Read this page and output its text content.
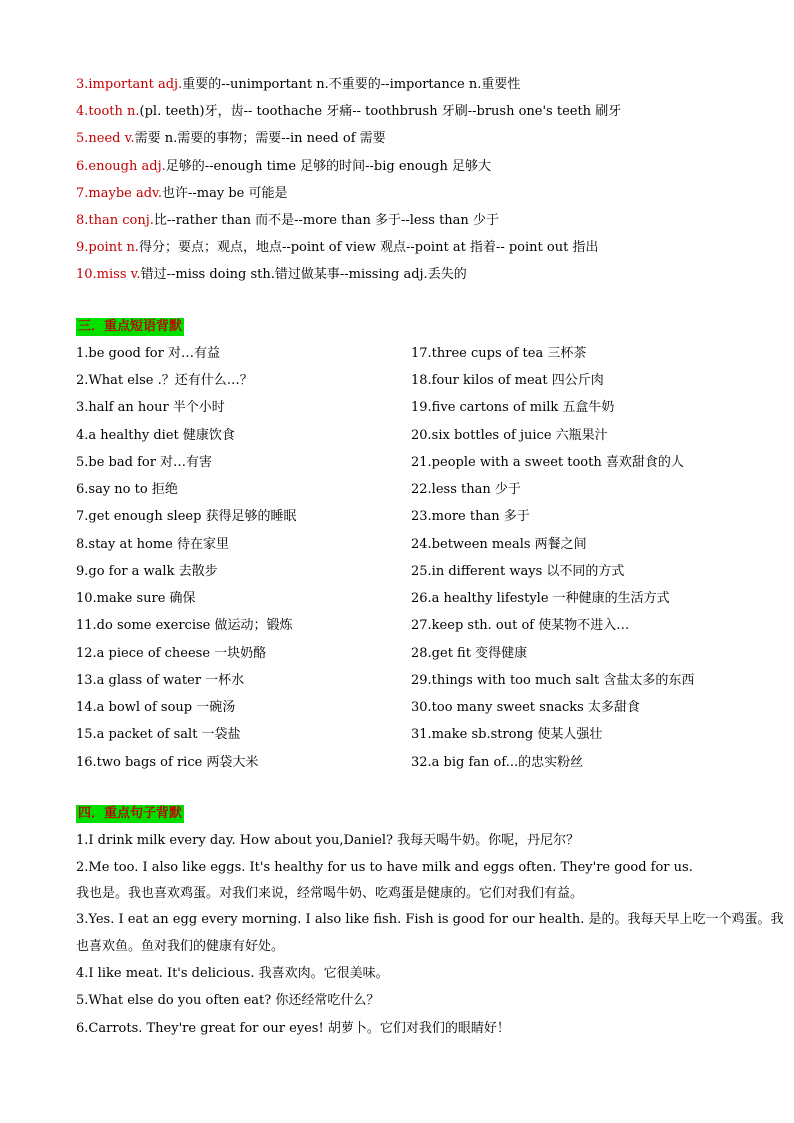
3.important adj.重要的--unimportant n.不重要的--importance n.重要性
4.tooth n.(pl. teeth)牙，齿-- toothache 牙痛-- toothbrush 牙刷--brush one's teeth 刷牙
5.need v.需要 n.需要的事物；需要--in need of 需要
6.enough adj.足够的--enough time 足够的时间--big enough 足够大
7.maybe adv.也许--may be 可能是
8.than conj.比--rather than 而不是--more than 多于--less than 少于
9.point n.得分；要点；观点，地点--point of view 观点--point at 指着-- point out 指出
10.miss v.错过--miss doing sth.错过做某事--missing adj.丢失的
三．重点短语背默
1.be good for 对…有益
2.What else .？还有什么…？
3.half an hour 半个小时
4.a healthy diet 健康饮食
5.be bad for 对…有害
6.say no to 拒绝
7.get enough sleep 获得足够的睡眠
8.stay at home 待在家里
9.go for a walk 去散步
10.make sure 确保
11.do some exercise 做运动；锻炼
12.a piece of cheese 一块奶酪
13.a glass of water 一杯水
14.a bowl of soup 一碗汤
15.a packet of salt 一袋盐
16.two bags of rice 两袋大米
17.three cups of tea 三杯茶
18.four kilos of meat 四公斤肉
19.five cartons of milk 五盒牛奶
20.six bottles of juice 六瓶果汁
21.people with a sweet tooth 喜欢甜食的人
22.less than 少于
23.more than 多于
24.between meals 两餐之间
25.in different ways 以不同的方式
26.a healthy lifestyle 一种健康的生活方式
27.keep sth. out of 使某物不进入…
28.get fit 变得健康
29.things with too much salt 含盐太多的东西
30.too many sweet snacks 太多甜食
31.make sb.strong 使某人强壮
32.a big fan of...的忠实粉丝
四．重点句子背默
1.I drink milk every day. How about you,Daniel? 我每天喝牛奶。你呢，丹尼尔？
2.Me too. I also like eggs. It's healthy for us to have milk and eggs often. They're good for us.
我也是。我也喜欢鸡蛋。对我们来说，经常喝牛奶、吃鸡蛋是健康的。它们对我们有益。
3.Yes. I eat an egg every morning. I also like fish. Fish is good for our health. 是的。我每天早上吃一个鸡蛋。我
也喜欢鱼。鱼对我们的健康有好处。
4.I like meat. It's delicious. 我喜欢肉。它很美味。
5.What else do you often eat? 你还经常吃什么？
6.Carrots. They're great for our eyes! 胡萝卜。它们对我们的眼睛好！
